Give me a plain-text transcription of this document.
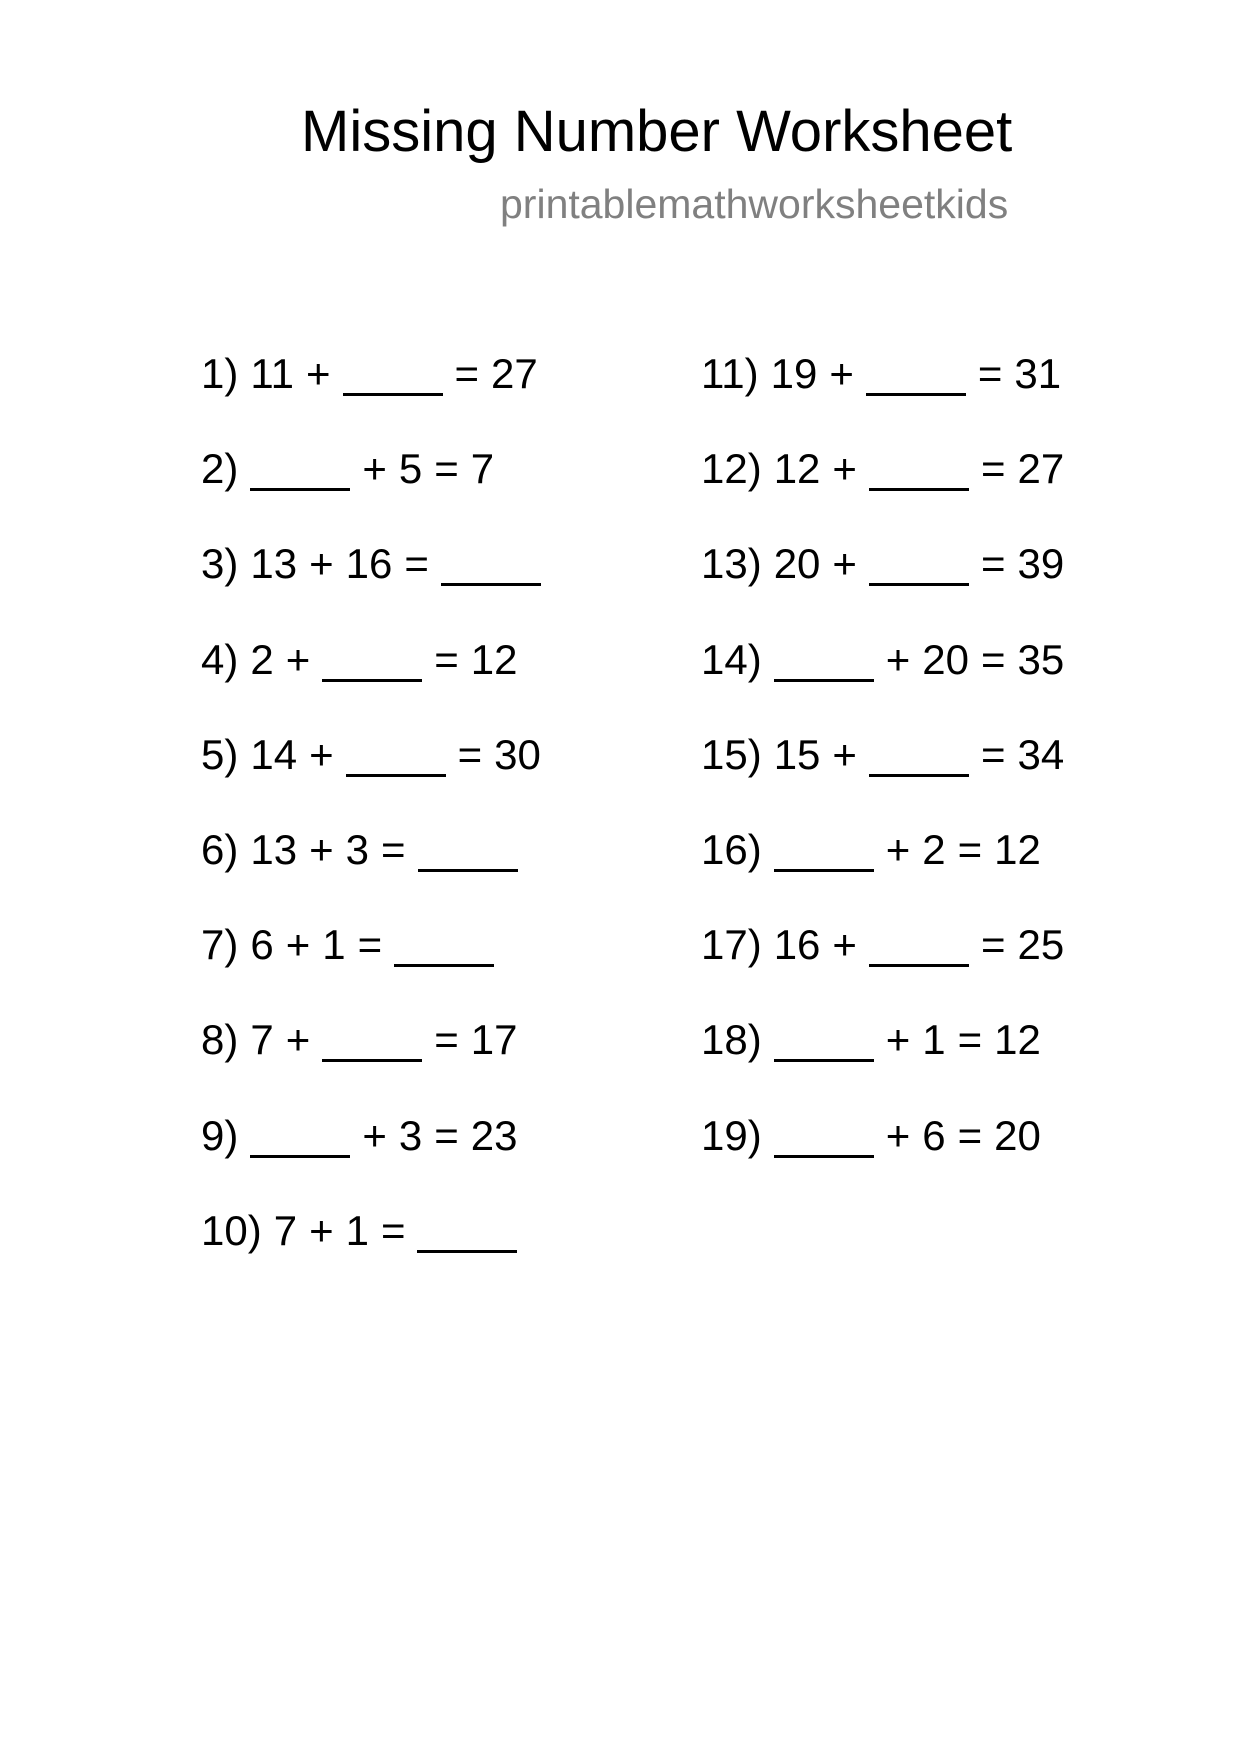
Missing Number Worksheet
printablemathworksheetkids
1) 11 +	= 27
2)	+ 5 = 7
3) 13 + 16 =
4) 2 +	= 12
5) 14 +	= 30
6) 13 + 3 =
7) 6 + 1 =
8) 7 +	= 17
9)	+ 3 = 23
10) 7 + 1 =
11) 19 +	= 31
12) 12 +	= 27
13) 20 +	= 39
14)	+ 20 = 35
15) 15 +	= 34
16)	+ 2 = 12
17) 16 +	= 25
18)	+ 1 = 12
19)	+ 6 = 20
